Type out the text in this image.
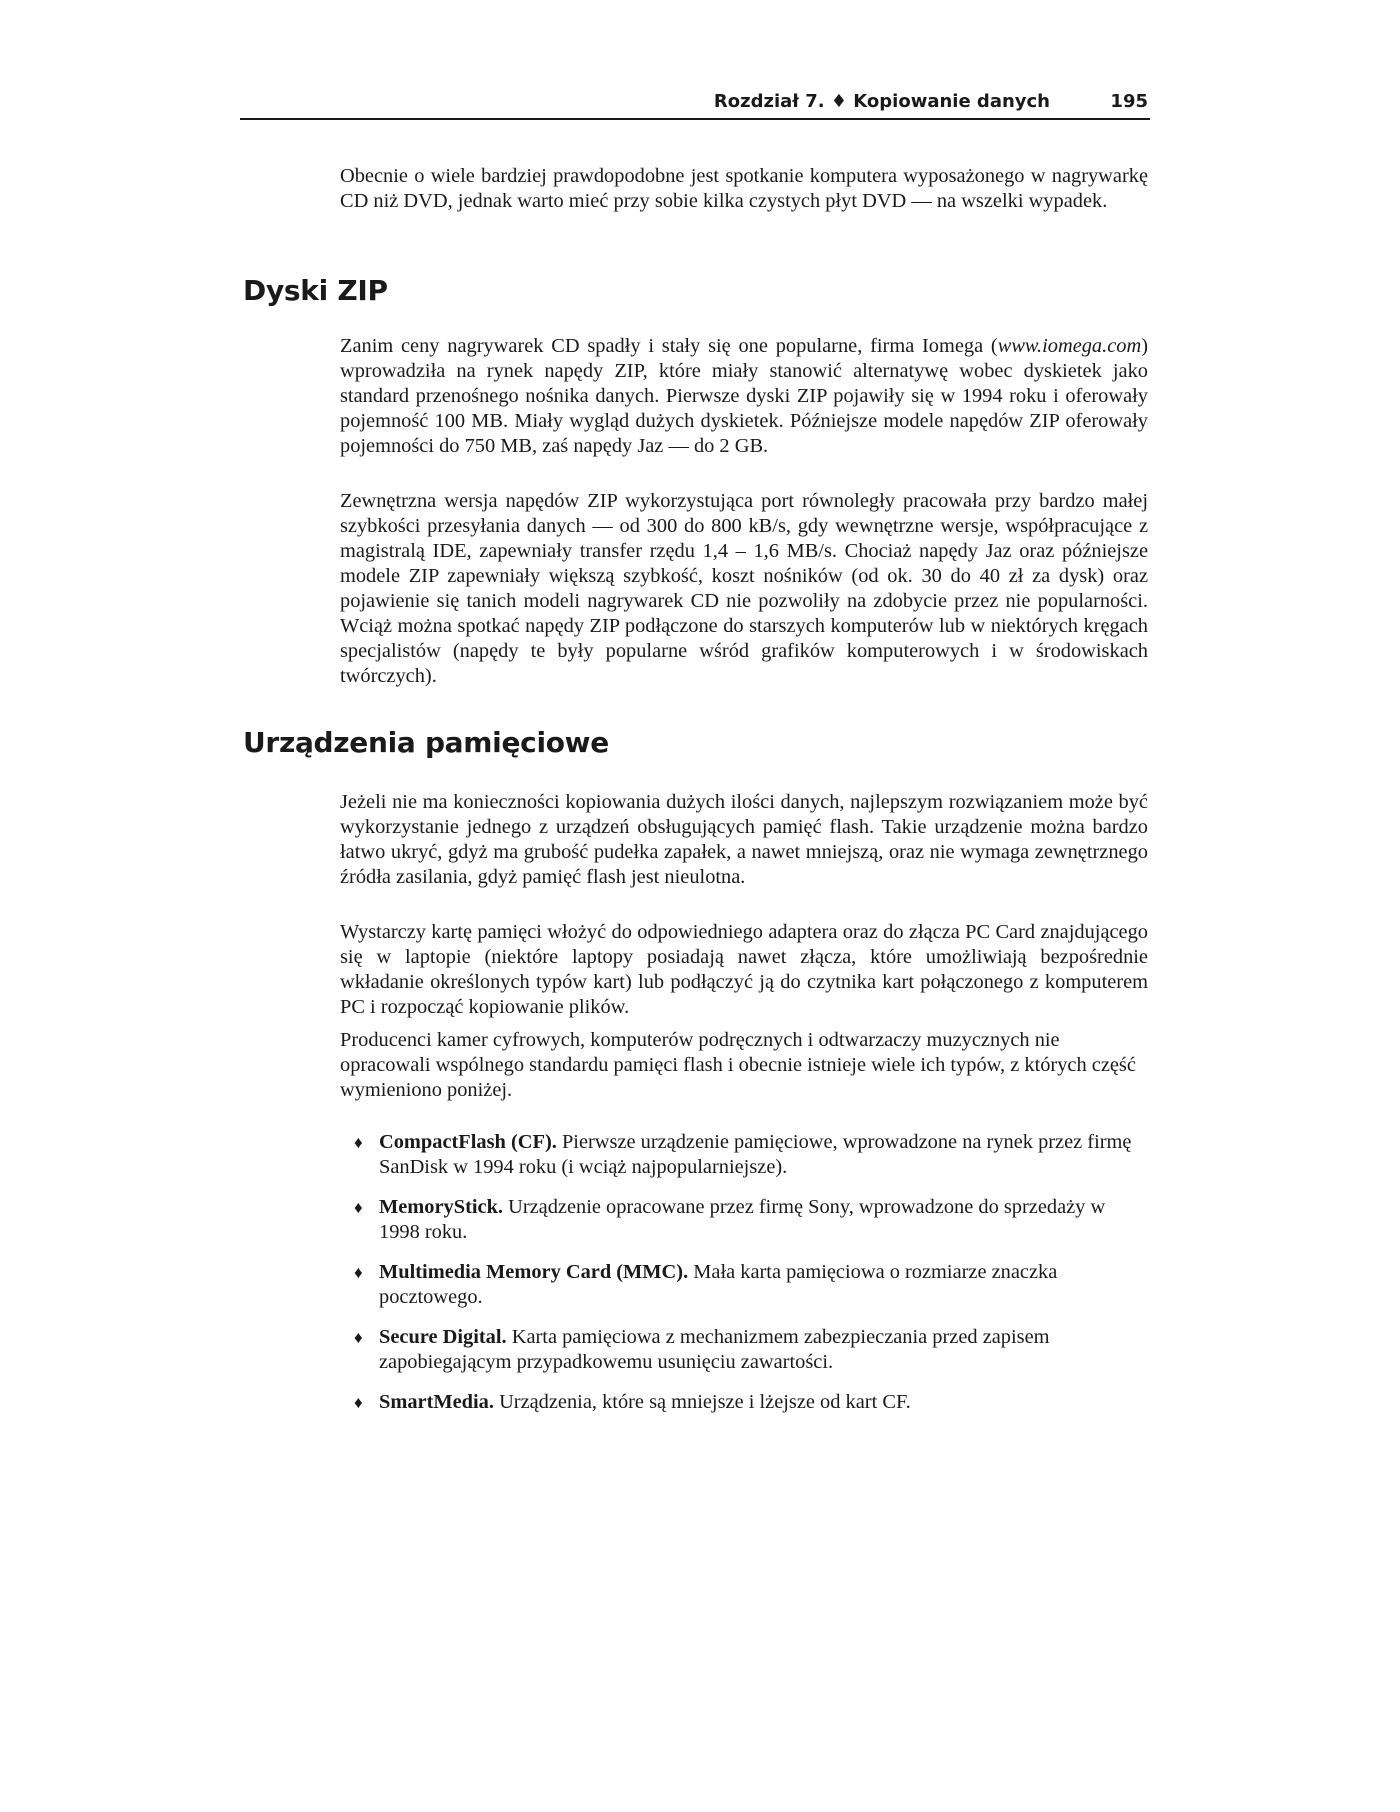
Rozdział 7. ♦ Kopiowanie danych	195

Obecnie o wiele bardziej prawdopodobne jest spotkanie komputera wyposażonego w nagrywarkę CD niż DVD, jednak warto mieć przy sobie kilka czystych płyt DVD — na wszelki wypadek.

Dyski ZIP

Zanim ceny nagrywarek CD spadły i stały się one popularne, firma Iomega (www.iomega.com) wprowadziła na rynek napędy ZIP, które miały stanowić alternatywę wobec dyskietek jako standard przenośnego nośnika danych. Pierwsze dyski ZIP pojawiły się w 1994 roku i oferowały pojemność 100 MB. Miały wygląd dużych dyskietek. Późniejsze modele napędów ZIP oferowały pojemności do 750 MB, zaś napędy Jaz — do 2 GB.

Zewnętrzna wersja napędów ZIP wykorzystująca port równoległy pracowała przy bardzo małej szybkości przesyłania danych — od 300 do 800 kB/s, gdy wewnętrzne wersje, współpracujące z magistralą IDE, zapewniały transfer rzędu 1,4 – 1,6 MB/s. Chociaż napędy Jaz oraz późniejsze modele ZIP zapewniały większą szybkość, koszt nośników (od ok. 30 do 40 zł za dysk) oraz pojawienie się tanich modeli nagrywarek CD nie pozwoliły na zdobycie przez nie popularności. Wciąż można spotkać napędy ZIP podłączone do starszych komputerów lub w niektórych kręgach specjalistów (napędy te były popularne wśród grafików komputerowych i w środowiskach twórczych).

Urządzenia pamięciowe

Jeżeli nie ma konieczności kopiowania dużych ilości danych, najlepszym rozwiązaniem może być wykorzystanie jednego z urządzeń obsługujących pamięć flash. Takie urządzenie można bardzo łatwo ukryć, gdyż ma grubość pudełka zapałek, a nawet mniejszą, oraz nie wymaga zewnętrznego źródła zasilania, gdyż pamięć flash jest nieulotna.

Wystarczy kartę pamięci włożyć do odpowiedniego adaptera oraz do złącza PC Card znajdującego się w laptopie (niektóre laptopy posiadają nawet złącza, które umożliwiają bezpośrednie wkładanie określonych typów kart) lub podłączyć ją do czytnika kart połączonego z komputerem PC i rozpocząć kopiowanie plików.

Producenci kamer cyfrowych, komputerów podręcznych i odtwarzaczy muzycznych nie opracowali wspólnego standardu pamięci flash i obecnie istnieje wiele ich typów, z których część wymieniono poniżej.

♦ CompactFlash (CF). Pierwsze urządzenie pamięciowe, wprowadzone na rynek przez firmę SanDisk w 1994 roku (i wciąż najpopularniejsze).
♦ MemoryStick. Urządzenie opracowane przez firmę Sony, wprowadzone do sprzedaży w 1998 roku.
♦ Multimedia Memory Card (MMC). Mała karta pamięciowa o rozmiarze znaczka pocztowego.
♦ Secure Digital. Karta pamięciowa z mechanizmem zabezpieczania przed zapisem zapobiegającym przypadkowemu usunięciu zawartości.
♦ SmartMedia. Urządzenia, które są mniejsze i lżejsze od kart CF.
